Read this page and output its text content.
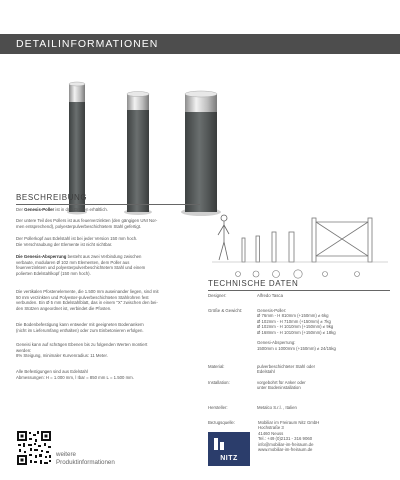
DETAILINFORMATIONEN
BESCHREIBUNG
Der Genesis-Poller ist in drei Größen erhältlich.
Der untere Teil des Pollers ist aus feuerverzinkten (den gängigen UNI Nor-
men entsprechend), polyesterpulverbeschichtetem Stahl gefertigt.
Der Pollerkopf aus Edelstahl ist bei jeder Version 150 mm hoch.
Die Verschraubung der Elemente ist nicht sichtbar.
Die Genesis-Absperrung besteht aus zwei Verbindung zwischen
verbaute, modularen Ø 102 mm Elementen, dem Poller aus
feuerverzinktem und polyesterpulverbeschichtetem Stahl und einem
polierten Edelstahlkopf (150 mm hoch).
Die vertikalen Pfostenelemente, die 1.500 mm auseinander liegen, sind mit
50 mm verzinkten und Polyester-pulverbeschichteten Stahlrohren fest
verbunden. Ein Ø 5 mm Edelstahlblatt, das in einem "X" zwischen den bei-
den Stützen angeordnet ist, verbindet die Pfosten.
Die Bodenbefestigung kann entweder mit geeigneten Bodenankern
(nicht im Lieferumfang enthalten) oder zum Einbetonieren erfolgen.
Geneisi kann auf schrägen Ebenen bis zu folgenden Werten montiert
werden:
8% Steigung, minimaler Kurvenradius: 11 Meter.
Alle Befestigungen sind aus Edelstahl
Abmessungen: H = 1.000 mm, l Ibar = 850 mm L = 1.500 mm.
TECHNISCHE DATEN
Designer:	Alfredo Tasca
Größe & Gewicht:	Genesis-Poller:
Ø 76mm - H 810mm (+150mm) ≠ 6kg
Ø 102mm - H 710mm (+150mm) ≠ 7kg
Ø 102mm - H 1010mm (+150mm) ≠ 9kg
Ø 168mm - H 1010mm (+150mm) ≠ 18kg
Genesi-Absperrung:
1500mm x 1000mm (+150mm) ≠ 24/15kg
Material:	pulverbeschichteter Stahl oder
Edelstahl
Installation:	vorgebohrt für Anker oder
unter Bodeninstallation
Hersteller:	Metalco S.r.l. , Italien
Bezugsquelle:	Mobiliar im Freiraum Nitz GmbH
Hochstraße 3
41460 Neuss
Tel.: +49 (0)2131 - 316 9060
info@mobiliar-im-freiraum.de
www.mobiliar-im-freiraum.de
weitere
Produktinformationen	NITZ
